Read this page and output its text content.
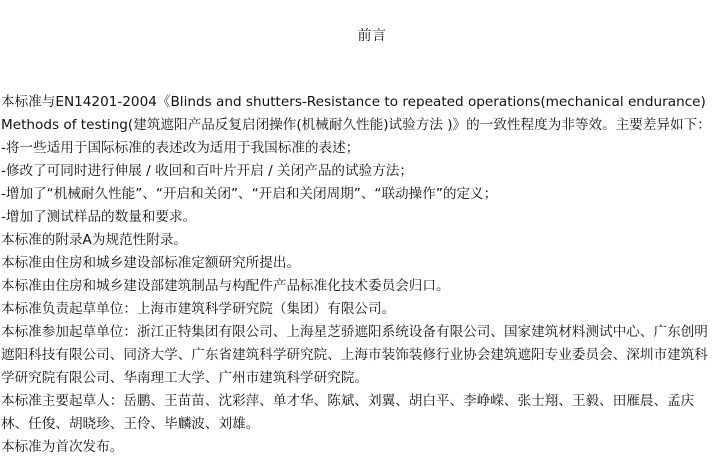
前言

本标准与EN14201-2004《Blinds and shutters-Resistance to repeated operations(mechanical endurance) Methods of testing(建筑遮阳产品反复启闭操作(机械耐久性能)试验方法 )》的一致性程度为非等效。主要差异如下：

-将一些适用于国际标准的表述改为适用于我国标准的表述；

-修改了可同时进行伸展 / 收回和百叶片开启 / 关闭产品的试验方法；

-增加了“机械耐久性能”、“开启和关闭”、“开启和关闭周期”、“联动操作”的定义；

-增加了测试样品的数量和要求。

本标准的附录A为规范性附录。

本标准由住房和城乡建设部标准定额研究所提出。

本标准由住房和城乡建设部建筑制品与构配件产品标准化技术委员会归口。

本标准负责起草单位：上海市建筑科学研究院（集团）有限公司。

本标准参加起草单位：浙江正特集团有限公司、上海星芝骄遮阳系统设备有限公司、国家建筑材料测试中心、广东创明遮阳科技有限公司、同济大学、广东省建筑科学研究院、上海市装饰装修行业协会建筑遮阳专业委员会、深圳市建筑科学研究院有限公司、华南理工大学、广州市建筑科学研究院。

本标准主要起草人：岳鹏、王苗苗、沈彩萍、单才华、陈斌、刘翼、胡白平、李峥嵘、张士翔、王毅、田雁晨、孟庆林、任俊、胡晓珍、王伶、毕麟波、刘雄。

本标准为首次发布。
